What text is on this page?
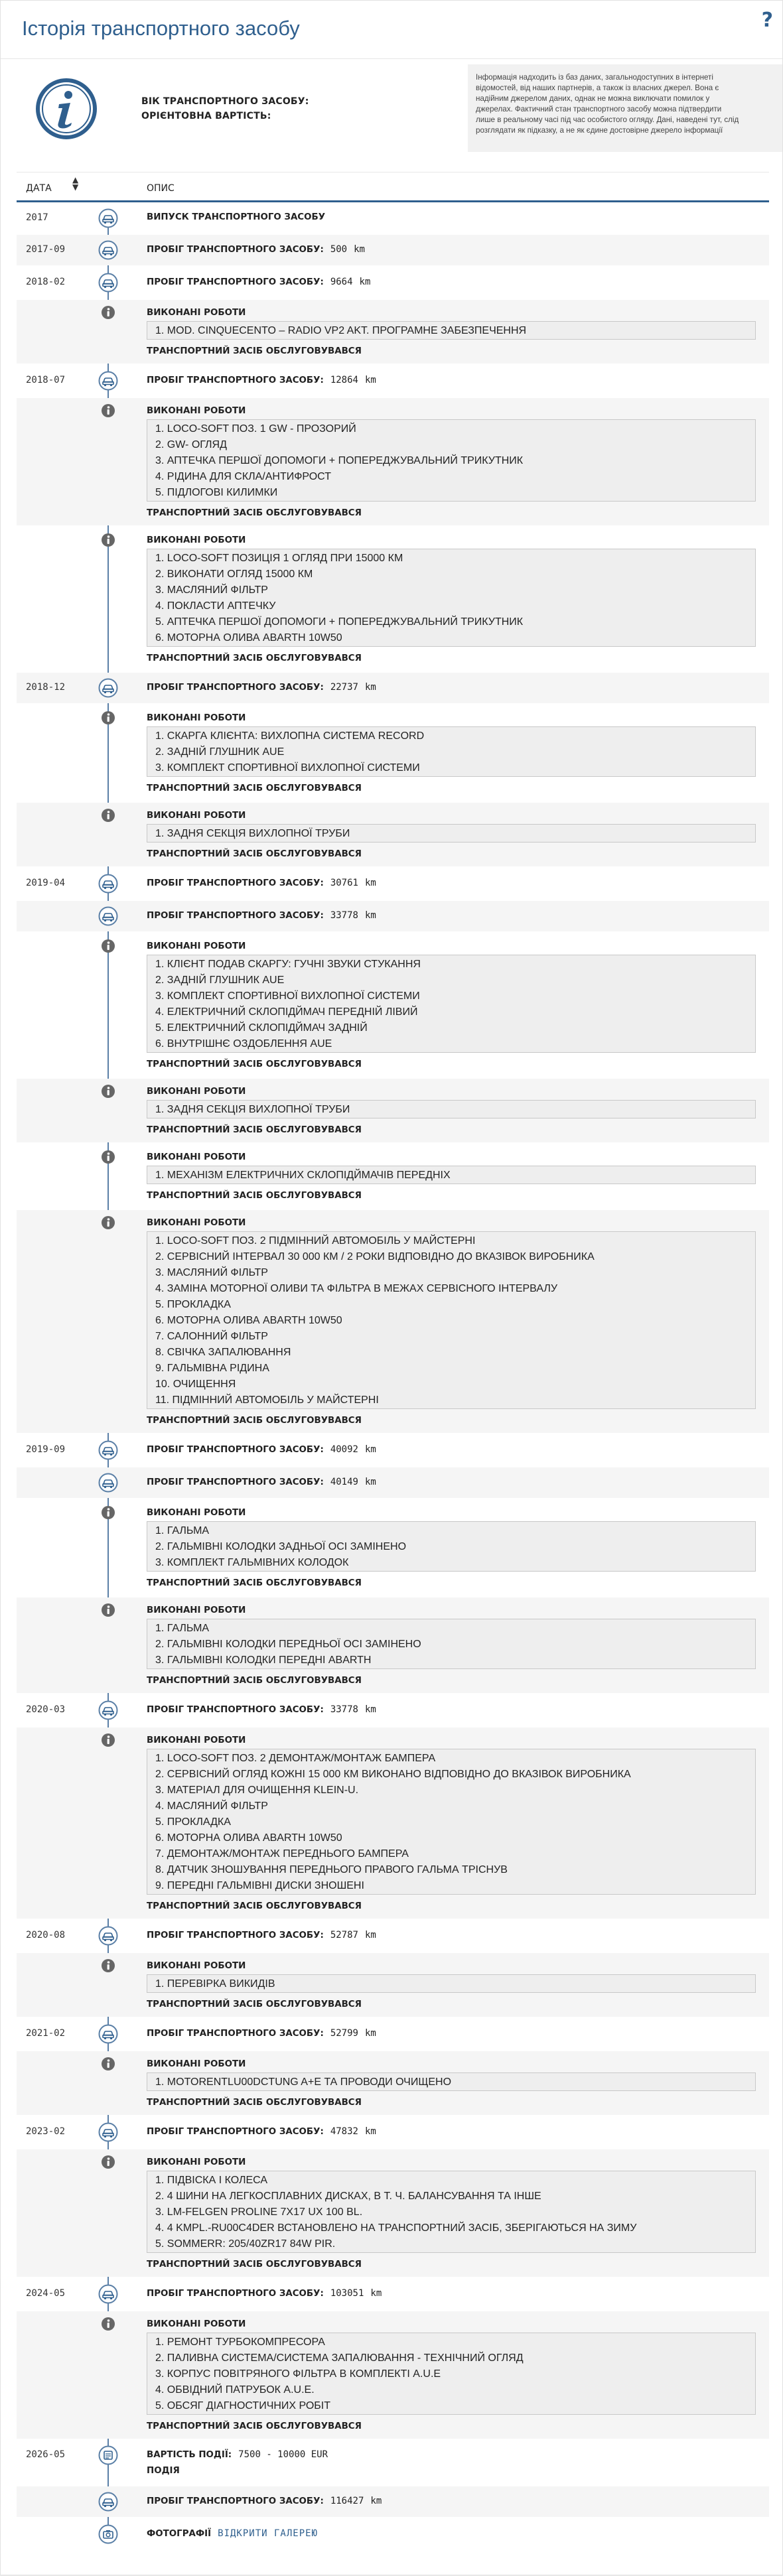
Історія транспортного засобу	?
ВІК ТРАНСПОРТНОГО ЗАСОБУ:
ОРІЄНТОВНА ВАРТІСТЬ:
Інформація надходить із баз даних, загальнодоступних в інтернеті
відомостей, від наших партнерів, а також із власних джерел. Вона є
надійним джерелом даних, однак не можна виключати помилок у
джерелах. Фактичний стан транспортного засобу можна підтвердити
лише в реальному часі під час особистого огляду. Дані, наведені тут, слід
розглядати як підказку, а не як єдине достовірне джерело інформації
ДАТА
▲
▼	ОПИС
2017	ВИПУСК ТРАНСПОРТНОГО ЗАСОБУ
2017-09	ПРОБІГ ТРАНСПОРТНОГО ЗАСОБУ: 500 km
2018-02	ПРОБІГ ТРАНСПОРТНОГО ЗАСОБУ: 9664 km
ВИКОНАНІ РОБОТИ
1. MOD. CINQUECENTO – RADIO VP2 AKT. ПРОГРАМНЕ ЗАБЕЗПЕЧЕННЯ
ТРАНСПОРТНИЙ ЗАСІБ ОБСЛУГОВУВАВСЯ
2018-07	ПРОБІГ ТРАНСПОРТНОГО ЗАСОБУ: 12864 km
ВИКОНАНІ РОБОТИ
1. LOCO-SOFT ПОЗ. 1 GW - ПРОЗОРИЙ
2. GW- ОГЛЯД
3. АПТЕЧКА ПЕРШОЇ ДОПОМОГИ + ПОПЕРЕДЖУВАЛЬНИЙ ТРИКУТНИК
4. РІДИНА ДЛЯ СКЛА/АНТИФРОСТ
5. ПІДЛОГОВІ КИЛИМКИ
ТРАНСПОРТНИЙ ЗАСІБ ОБСЛУГОВУВАВСЯ
ВИКОНАНІ РОБОТИ
1. LOCO-SOFT ПОЗИЦІЯ 1 ОГЛЯД ПРИ 15000 КМ
2. ВИКОНАТИ ОГЛЯД 15000 КМ
3. МАСЛЯНИЙ ФІЛЬТР
4. ПОКЛАСТИ АПТЕЧКУ
5. АПТЕЧКА ПЕРШОЇ ДОПОМОГИ + ПОПЕРЕДЖУВАЛЬНИЙ ТРИКУТНИК
6. МОТОРНА ОЛИВА ABARTH 10W50
ТРАНСПОРТНИЙ ЗАСІБ ОБСЛУГОВУВАВСЯ
2018-12	ПРОБІГ ТРАНСПОРТНОГО ЗАСОБУ: 22737 km
ВИКОНАНІ РОБОТИ
1. СКАРГА КЛІЄНТА: ВИХЛОПНА СИСТЕМА RECORD
2. ЗАДНІЙ ГЛУШНИК AUE
3. КОМПЛЕКТ СПОРТИВНОЇ ВИХЛОПНОЇ СИСТЕМИ
ТРАНСПОРТНИЙ ЗАСІБ ОБСЛУГОВУВАВСЯ
ВИКОНАНІ РОБОТИ
1. ЗАДНЯ СЕКЦІЯ ВИХЛОПНОЇ ТРУБИ
ТРАНСПОРТНИЙ ЗАСІБ ОБСЛУГОВУВАВСЯ
2019-04	ПРОБІГ ТРАНСПОРТНОГО ЗАСОБУ: 30761 km
ПРОБІГ ТРАНСПОРТНОГО ЗАСОБУ: 33778 km
ВИКОНАНІ РОБОТИ
1. КЛІЄНТ ПОДАВ СКАРГУ: ГУЧНІ ЗВУКИ СТУКАННЯ
2. ЗАДНІЙ ГЛУШНИК AUE
3. КОМПЛЕКТ СПОРТИВНОЇ ВИХЛОПНОЇ СИСТЕМИ
4. ЕЛЕКТРИЧНИЙ СКЛОПІДЙМАЧ ПЕРЕДНІЙ ЛІВИЙ
5. ЕЛЕКТРИЧНИЙ СКЛОПІДЙМАЧ ЗАДНІЙ
6. ВНУТРІШНЄ ОЗДОБЛЕННЯ AUE
ТРАНСПОРТНИЙ ЗАСІБ ОБСЛУГОВУВАВСЯ
ВИКОНАНІ РОБОТИ
1. ЗАДНЯ СЕКЦІЯ ВИХЛОПНОЇ ТРУБИ
ТРАНСПОРТНИЙ ЗАСІБ ОБСЛУГОВУВАВСЯ
ВИКОНАНІ РОБОТИ
1. МЕХАНІЗМ ЕЛЕКТРИЧНИХ СКЛОПІДЙМАЧІВ ПЕРЕДНІХ
ТРАНСПОРТНИЙ ЗАСІБ ОБСЛУГОВУВАВСЯ
ВИКОНАНІ РОБОТИ
1. LOCO-SOFT ПОЗ. 2 ПІДМІННИЙ АВТОМОБІЛЬ У МАЙСТЕРНІ
2. СЕРВІСНИЙ ІНТЕРВАЛ 30 000 КМ / 2 РОКИ ВІДПОВІДНО ДО ВКАЗІВОК ВИРОБНИКА
3. МАСЛЯНИЙ ФІЛЬТР
4. ЗАМІНА МОТОРНОЇ ОЛИВИ ТА ФІЛЬТРА В МЕЖАХ СЕРВІСНОГО ІНТЕРВАЛУ
5. ПРОКЛАДКА
6. МОТОРНА ОЛИВА ABARTH 10W50
7. САЛОННИЙ ФІЛЬТР
8. СВІЧКА ЗАПАЛЮВАННЯ
9. ГАЛЬМІВНА РІДИНА
10. ОЧИЩЕННЯ
11. ПІДМІННИЙ АВТОМОБІЛЬ У МАЙСТЕРНІ
ТРАНСПОРТНИЙ ЗАСІБ ОБСЛУГОВУВАВСЯ
2019-09	ПРОБІГ ТРАНСПОРТНОГО ЗАСОБУ: 40092 km
ПРОБІГ ТРАНСПОРТНОГО ЗАСОБУ: 40149 km
ВИКОНАНІ РОБОТИ
1. ГАЛЬМА
2. ГАЛЬМІВНІ КОЛОДКИ ЗАДНЬОЇ ОСІ ЗАМІНЕНО
3. КОМПЛЕКТ ГАЛЬМІВНИХ КОЛОДОК
ТРАНСПОРТНИЙ ЗАСІБ ОБСЛУГОВУВАВСЯ
ВИКОНАНІ РОБОТИ
1. ГАЛЬМА
2. ГАЛЬМІВНІ КОЛОДКИ ПЕРЕДНЬОЇ ОСІ ЗАМІНЕНО
3. ГАЛЬМІВНІ КОЛОДКИ ПЕРЕДНІ ABARTH
ТРАНСПОРТНИЙ ЗАСІБ ОБСЛУГОВУВАВСЯ
2020-03	ПРОБІГ ТРАНСПОРТНОГО ЗАСОБУ: 33778 km
ВИКОНАНІ РОБОТИ
1. LOCO-SOFT ПОЗ. 2 ДЕМОНТАЖ/МОНТАЖ БАМПЕРА
2. СЕРВІСНИЙ ОГЛЯД КОЖНІ 15 000 КМ ВИКОНАНО ВІДПОВІДНО ДО ВКАЗІВОК ВИРОБНИКА
3. МАТЕРІАЛ ДЛЯ ОЧИЩЕННЯ KLEIN-U.
4. МАСЛЯНИЙ ФІЛЬТР
5. ПРОКЛАДКА
6. МОТОРНА ОЛИВА ABARTH 10W50
7. ДЕМОНТАЖ/МОНТАЖ ПЕРЕДНЬОГО БАМПЕРА
8. ДАТЧИК ЗНОШУВАННЯ ПЕРЕДНЬОГО ПРАВОГО ГАЛЬМА ТРІСНУВ
9. ПЕРЕДНІ ГАЛЬМІВНІ ДИСКИ ЗНОШЕНІ
ТРАНСПОРТНИЙ ЗАСІБ ОБСЛУГОВУВАВСЯ
2020-08	ПРОБІГ ТРАНСПОРТНОГО ЗАСОБУ: 52787 km
ВИКОНАНІ РОБОТИ
1. ПЕРЕВІРКА ВИКИДІВ
ТРАНСПОРТНИЙ ЗАСІБ ОБСЛУГОВУВАВСЯ
2021-02	ПРОБІГ ТРАНСПОРТНОГО ЗАСОБУ: 52799 km
ВИКОНАНІ РОБОТИ
1. MOTORENTLU00DCTUNG A+E ТА ПРОВОДИ ОЧИЩЕНО
ТРАНСПОРТНИЙ ЗАСІБ ОБСЛУГОВУВАВСЯ
2023-02	ПРОБІГ ТРАНСПОРТНОГО ЗАСОБУ: 47832 km
ВИКОНАНІ РОБОТИ
1. ПІДВІСКА І КОЛЕСА
2. 4 ШИНИ НА ЛЕГКОСПЛАВНИХ ДИСКАХ, В Т. Ч. БАЛАНСУВАННЯ ТА ІНШЕ
3. LM-FELGEN PROLINE 7X17 UX 100 BL.
4. 4 KMPL.-RU00C4DER ВСТАНОВЛЕНО НА ТРАНСПОРТНИЙ ЗАСІБ, ЗБЕРІГАЮТЬСЯ НА ЗИМУ
5. SOMMERR: 205/40ZR17 84W PIR.
ТРАНСПОРТНИЙ ЗАСІБ ОБСЛУГОВУВАВСЯ
2024-05	ПРОБІГ ТРАНСПОРТНОГО ЗАСОБУ: 103051 km
ВИКОНАНІ РОБОТИ
1. РЕМОНТ ТУРБОКОМПРЕСОРА
2. ПАЛИВНА СИСТЕМА/СИСТЕМА ЗАПАЛЮВАННЯ - ТЕХНІЧНИЙ ОГЛЯД
3. КОРПУС ПОВІТРЯНОГО ФІЛЬТРА В КОМПЛЕКТІ A.U.E
4. ОБВІДНИЙ ПАТРУБОК A.U.E.
5. ОБСЯГ ДІАГНОСТИЧНИХ РОБІТ
ТРАНСПОРТНИЙ ЗАСІБ ОБСЛУГОВУВАВСЯ
2026-05	ВАРТІСТЬ ПОДІЇ: 7500 - 10000 EUR
ПОДІЯ
ПРОБІГ ТРАНСПОРТНОГО ЗАСОБУ: 116427 km
ФОТОГРАФІЇ ВІДКРИТИ ГАЛЕРЕЮ
